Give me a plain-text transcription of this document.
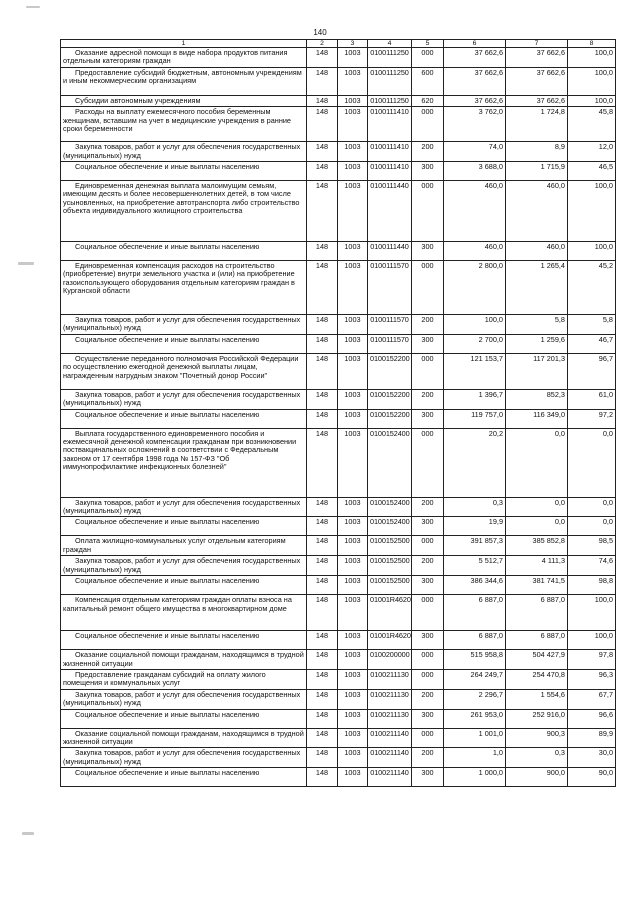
140
1	2	3	4	5	6	7	8

Оказание адресной помощи в виде набора продуктов питания отдельным категориям граждан	148	1003	0100111250	000	37 662,6	37 662,6	100,0

Предоставление субсидий бюджетным, автономным учреждениям и иным некоммерческим организациям	148	1003	0100111250	600	37 662,6	37 662,6	100,0

Субсидии автономным учреждениям	148	1003	0100111250	620	37 662,6	37 662,6	100,0

Расходы на выплату ежемесячного пособия беременным женщинам, вставшим на учет в медицинские учреждения в ранние сроки беременности	148	1003	0100111410	000	3 762,0	1 724,8	45,8

Закупка товаров, работ и услуг для обеспечения государственных (муниципальных) нужд	148	1003	0100111410	200	74,0	8,9	12,0

Социальное обеспечение и иные выплаты населению	148	1003	0100111410	300	3 688,0	1 715,9	46,5

Единовременная денежная выплата малоимущим семьям, имеющим десять и более несовершеннолетних детей, в том числе усыновленных, на приобретение автотранспорта либо строительство объекта индивидуального жилищного строительства	148	1003	0100111440	000	460,0	460,0	100,0

Социальное обеспечение и иные выплаты населению	148	1003	0100111440	300	460,0	460,0	100,0

Единовременная компенсация расходов на строительство (приобретение) внутри земельного участка и (или) на приобретение газоиспользующего оборудования отдельным категориям граждан в Курганской области	148	1003	0100111570	000	2 800,0	1 265,4	45,2

Закупка товаров, работ и услуг для обеспечения государственных (муниципальных) нужд	148	1003	0100111570	200	100,0	5,8	5,8

Социальное обеспечение и иные выплаты населению	148	1003	0100111570	300	2 700,0	1 259,6	46,7

Осуществление переданного полномочия Российской Федерации по осуществлению ежегодной денежной выплаты лицам, награжденным нагрудным знаком "Почетный донор России"	148	1003	0100152200	000	121 153,7	117 201,3	96,7

Закупка товаров, работ и услуг для обеспечения государственных (муниципальных) нужд	148	1003	0100152200	200	1 396,7	852,3	61,0

Социальное обеспечение и иные выплаты населению	148	1003	0100152200	300	119 757,0	116 349,0	97,2

Выплата государственного единовременного пособия и ежемесячной денежной компенсации гражданам при возникновении поствакцинальных осложнений в соответствии с Федеральным законом от 17 сентября 1998 года № 157-ФЗ "Об иммунопрофилактике инфекционных болезней"	148	1003	0100152400	000	20,2	0,0	0,0

Закупка товаров, работ и услуг для обеспечения государственных (муниципальных) нужд	148	1003	0100152400	200	0,3	0,0	0,0

Социальное обеспечение и иные выплаты населению	148	1003	0100152400	300	19,9	0,0	0,0

Оплата жилищно-коммунальных услуг отдельным категориям граждан	148	1003	0100152500	000	391 857,3	385 852,8	98,5

Закупка товаров, работ и услуг для обеспечения государственных (муниципальных) нужд	148	1003	0100152500	200	5 512,7	4 111,3	74,6

Социальное обеспечение и иные выплаты населению	148	1003	0100152500	300	386 344,6	381 741,5	98,8

Компенсация отдельным категориям граждан оплаты взноса на капитальный ремонт общего имущества в многоквартирном доме	148	1003	01001R4620	000	6 887,0	6 887,0	100,0

Социальное обеспечение и иные выплаты населению	148	1003	01001R4620	300	6 887,0	6 887,0	100,0

Оказание социальной помощи гражданам, находящимся в трудной жизненной ситуации	148	1003	0100200000	000	515 958,8	504 427,9	97,8

Предоставление гражданам субсидий на оплату жилого помещения и коммунальных услуг	148	1003	0100211130	000	264 249,7	254 470,8	96,3

Закупка товаров, работ и услуг для обеспечения государственных (муниципальных) нужд	148	1003	0100211130	200	2 296,7	1 554,6	67,7

Социальное обеспечение и иные выплаты населению	148	1003	0100211130	300	261 953,0	252 916,0	96,6

Оказание социальной помощи гражданам, находящимся в трудной жизненной ситуации	148	1003	0100211140	000	1 001,0	900,3	89,9

Закупка товаров, работ и услуг для обеспечения государственных (муниципальных) нужд	148	1003	0100211140	200	1,0	0,3	30,0

Социальное обеспечение и иные выплаты населению	148	1003	0100211140	300	1 000,0	900,0	90,0
